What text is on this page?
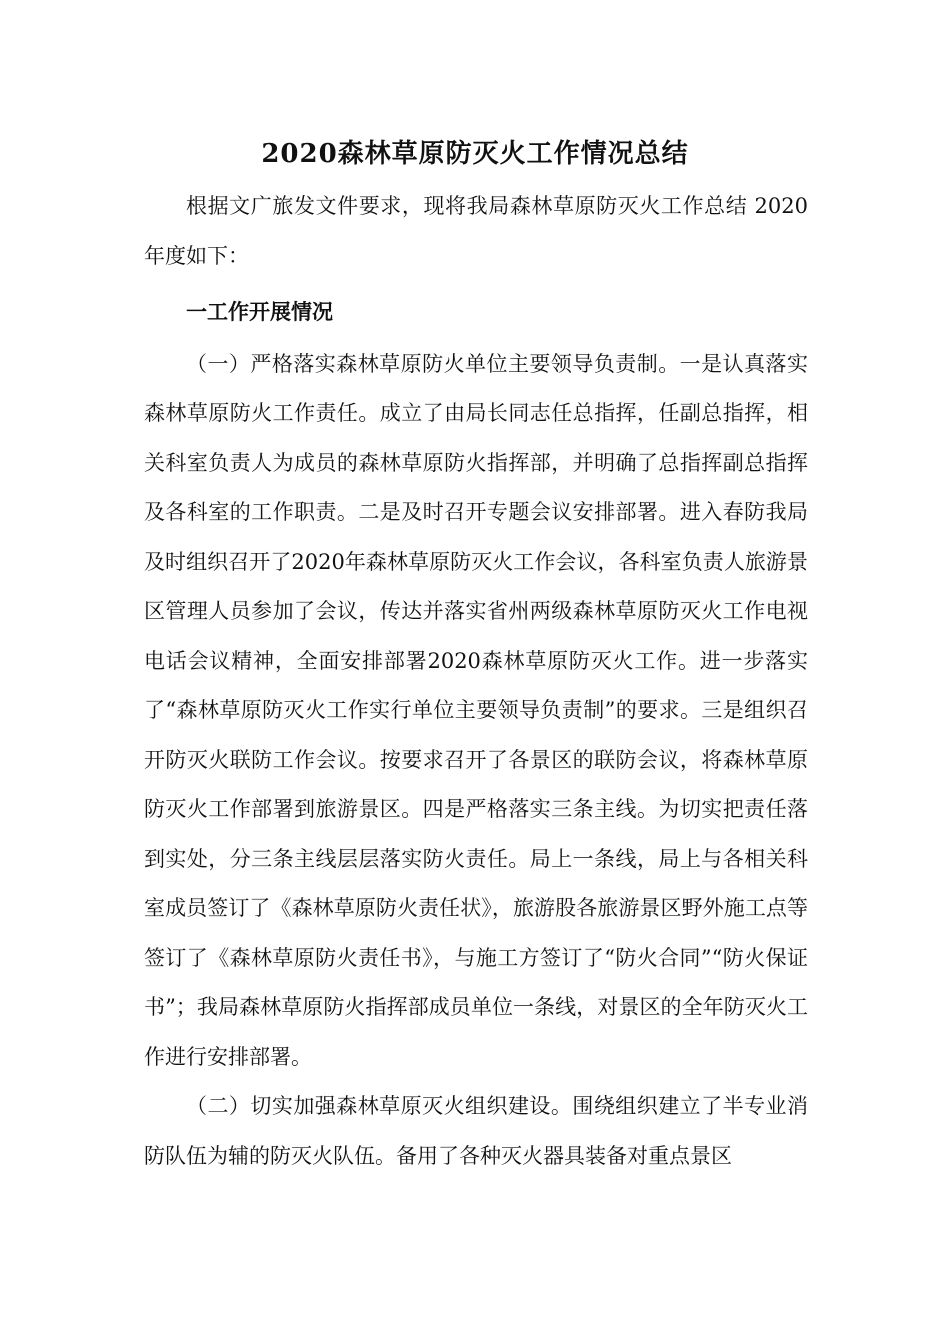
2020森林草原防灭火工作情况总结

根据文广旅发文件要求，现将我局森林草原防灭火工作总结 2020年度如下：

一工作开展情况

（一）严格落实森林草原防火单位主要领导负责制。一是认真落实森林草原防火工作责任。成立了由局长同志任总指挥，任副总指挥，相关科室负责人为成员的森林草原防火指挥部，并明确了总指挥副总指挥及各科室的工作职责。二是及时召开专题会议安排部署。进入春防我局及时组织召开了2020年森林草原防灭火工作会议，各科室负责人旅游景区管理人员参加了会议，传达并落实省州两级森林草原防灭火工作电视电话会议精神，全面安排部署2020森林草原防灭火工作。进一步落实了“森林草原防灭火工作实行单位主要领导负责制”的要求。三是组织召开防灭火联防工作会议。按要求召开了各景区的联防会议，将森林草原防灭火工作部署到旅游景区。四是严格落实三条主线。为切实把责任落到实处，分三条主线层层落实防火责任。局上一条线，局上与各相关科室成员签订了《森林草原防火责任状》，旅游股各旅游景区野外施工点等签订了《森林草原防火责任书》，与施工方签订了“防火合同”“防火保证书”；我局森林草原防火指挥部成员单位一条线，对景区的全年防灭火工作进行安排部署。

（二）切实加强森林草原灭火组织建设。围绕组织建立了半专业消防队伍为辅的防灭火队伍。备用了各种灭火器具装备对重点景区
